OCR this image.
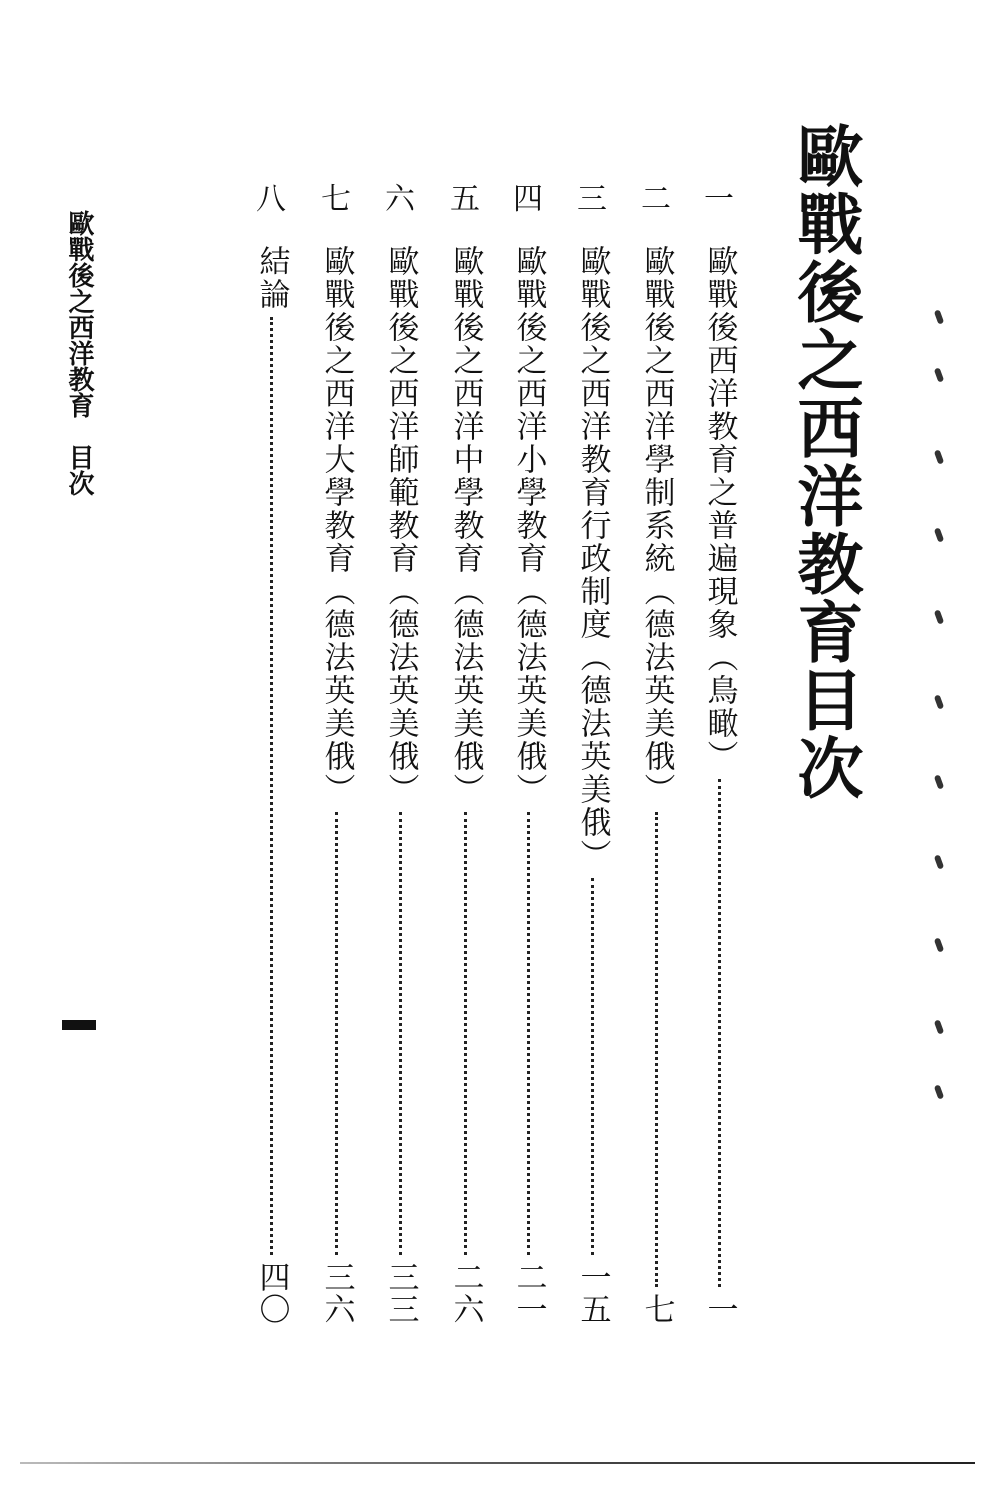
歐戰後之西洋教育目次
歐戰後之西洋教育　目次
一
歐戰後西洋教育之普遍現象（鳥瞰）
一
二
歐戰後之西洋學制系統（德法英美俄）
七
三
歐戰後之西洋教育行政制度（德法英美俄）
一五
四
歐戰後之西洋小學教育（德法英美俄）
二一
五
歐戰後之西洋中學教育（德法英美俄）
二六
六
歐戰後之西洋師範教育（德法英美俄）
三三
七
歐戰後之西洋大學教育（德法英美俄）
三六
八
結論
四〇
